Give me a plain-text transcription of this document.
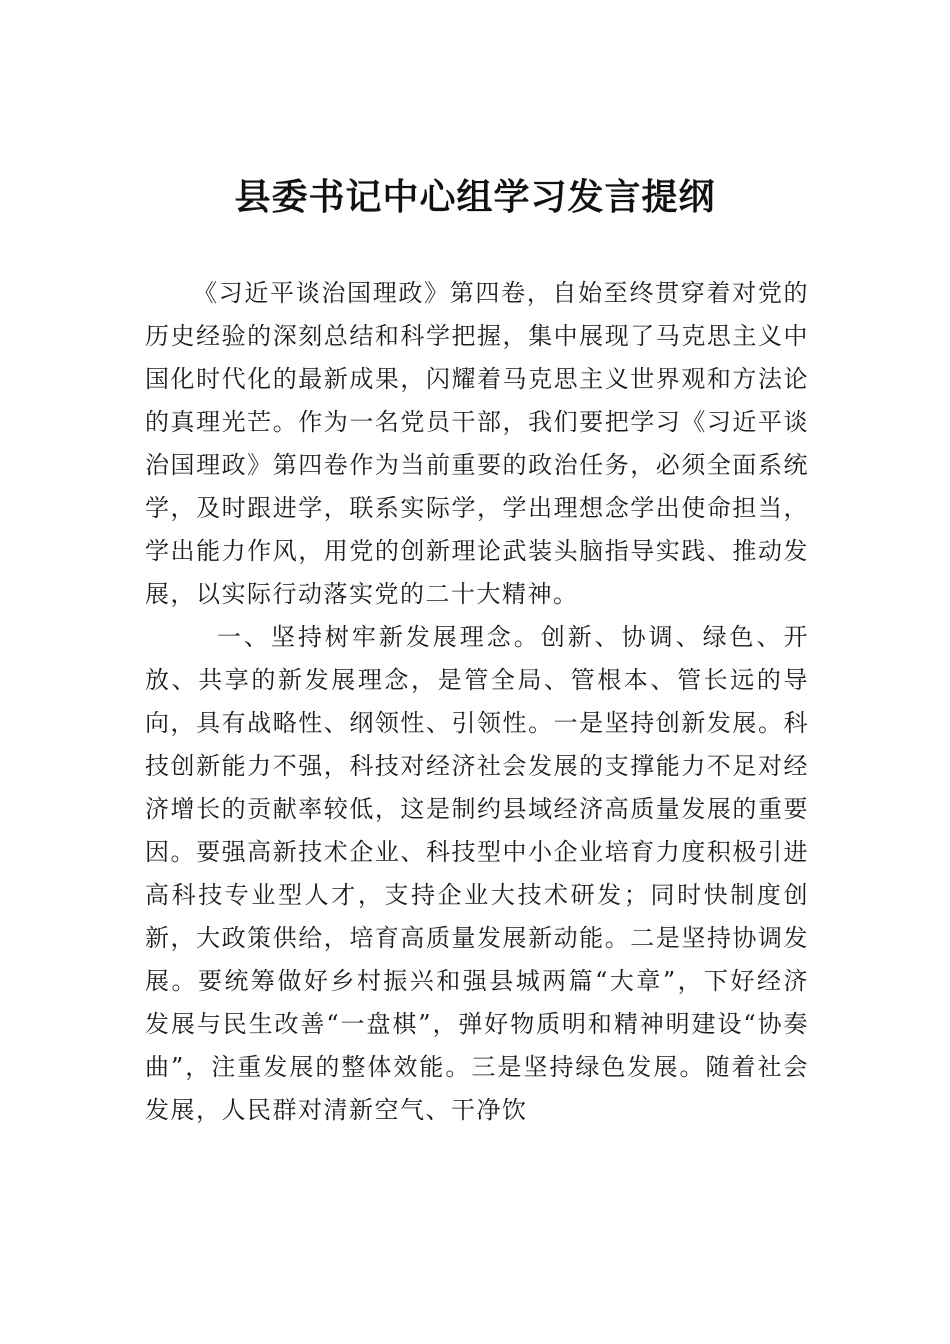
县委书记中心组学习发言提纲

《习近平谈治国理政》第四卷，自始至终贯穿着对党的历史经验的深刻总结和科学把握，集中展现了马克思主义中国化时代化的最新成果，闪耀着马克思主义世界观和方法论的真理光芒。作为一名党员干部，我们要把学习《习近平谈治国理政》第四卷作为当前重要的政治任务，必须全面系统学，及时跟进学，联系实际学，学出理想念学出使命担当，学出能力作风，用党的创新理论武装头脑指导实践、推动发展，以实际行动落实党的二十大精神。

一、坚持树牢新发展理念。创新、协调、绿色、开放、共享的新发展理念，是管全局、管根本、管长远的导向，具有战略性、纲领性、引领性。一是坚持创新发展。科技创新能力不强，科技对经济社会发展的支撑能力不足对经济增长的贡献率较低，这是制约县域经济高质量发展的重要因。要强高新技术企业、科技型中小企业培育力度积极引进高科技专业型人才，支持企业大技术研发；同时快制度创新，大政策供给，培育高质量发展新动能。二是坚持协调发展。要统筹做好乡村振兴和强县城两篇“大章”，下好经济发展与民生改善“一盘棋”，弹好物质明和精神明建设“协奏曲”，注重发展的整体效能。三是坚持绿色发展。随着社会发展，人民群对清新空气、干净饮
